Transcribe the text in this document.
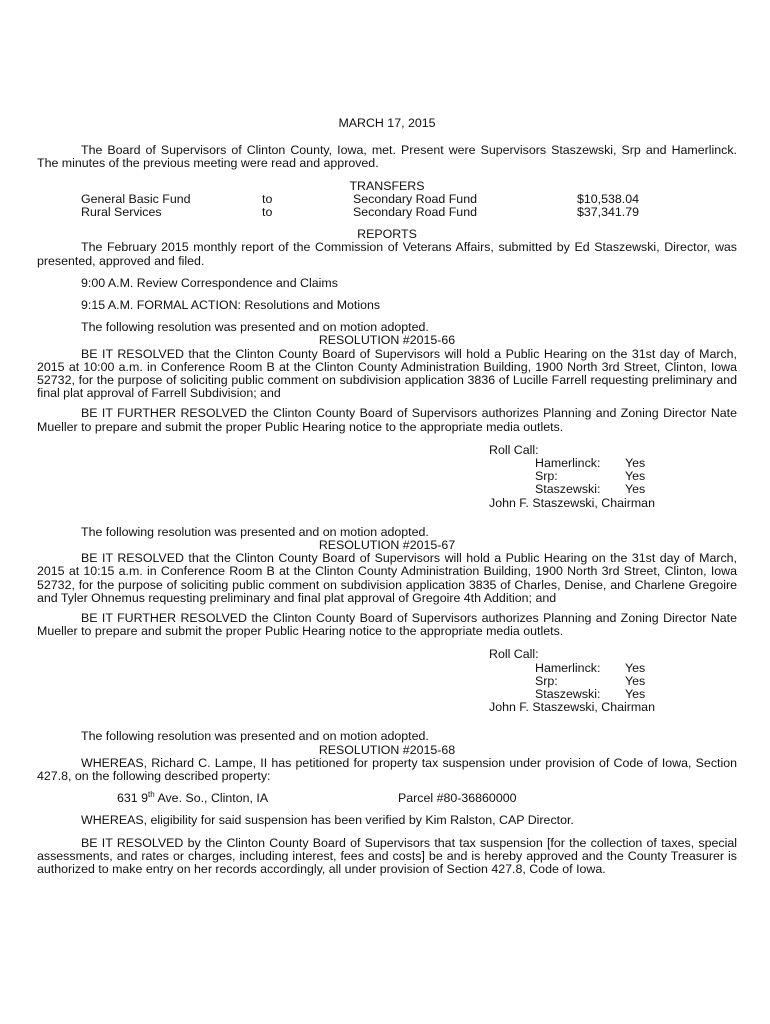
MARCH 17, 2015
The Board of Supervisors of Clinton County, Iowa, met. Present were Supervisors Staszewski, Srp and Hamerlinck. The minutes of the previous meeting were read and approved.
TRANSFERS
General Basic Fund	to	Secondary Road Fund	$10,538.04
Rural Services	to	Secondary Road Fund	$37,341.79
REPORTS
The February 2015 monthly report of the Commission of Veterans Affairs, submitted by Ed Staszewski, Director, was presented, approved and filed.
9:00 A.M. Review Correspondence and Claims
9:15 A.M. FORMAL ACTION: Resolutions and Motions
The following resolution was presented and on motion adopted.
RESOLUTION #2015-66
BE IT RESOLVED that the Clinton County Board of Supervisors will hold a Public Hearing on the 31st day of March, 2015 at 10:00 a.m. in Conference Room B at the Clinton County Administration Building, 1900 North 3rd Street, Clinton, Iowa 52732, for the purpose of soliciting public comment on subdivision application 3836 of Lucille Farrell requesting preliminary and final plat approval of Farrell Subdivision; and
BE IT FURTHER RESOLVED the Clinton County Board of Supervisors authorizes Planning and Zoning Director Nate Mueller to prepare and submit the proper Public Hearing notice to the appropriate media outlets.
Roll Call:
Hamerlinck: Yes
Srp:	Yes
Staszewski: Yes
John F. Staszewski, Chairman
The following resolution was presented and on motion adopted.
RESOLUTION #2015-67
BE IT RESOLVED that the Clinton County Board of Supervisors will hold a Public Hearing on the 31st day of March, 2015 at 10:15 a.m. in Conference Room B at the Clinton County Administration Building, 1900 North 3rd Street, Clinton, Iowa 52732, for the purpose of soliciting public comment on subdivision application 3835 of Charles, Denise, and Charlene Gregoire and Tyler Ohnemus requesting preliminary and final plat approval of Gregoire 4th Addition; and
BE IT FURTHER RESOLVED the Clinton County Board of Supervisors authorizes Planning and Zoning Director Nate Mueller to prepare and submit the proper Public Hearing notice to the appropriate media outlets.
Roll Call:
Hamerlinck: Yes
Srp:	Yes
Staszewski: Yes
John F. Staszewski, Chairman
The following resolution was presented and on motion adopted.
RESOLUTION #2015-68
WHEREAS, Richard C. Lampe, II has petitioned for property tax suspension under provision of Code of Iowa, Section 427.8, on the following described property:
631 9th Ave. So., Clinton, IA	Parcel #80-36860000
WHEREAS, eligibility for said suspension has been verified by Kim Ralston, CAP Director.
BE IT RESOLVED by the Clinton County Board of Supervisors that tax suspension [for the collection of taxes, special assessments, and rates or charges, including interest, fees and costs] be and is hereby approved and the County Treasurer is authorized to make entry on her records accordingly, all under provision of Section 427.8, Code of Iowa.
